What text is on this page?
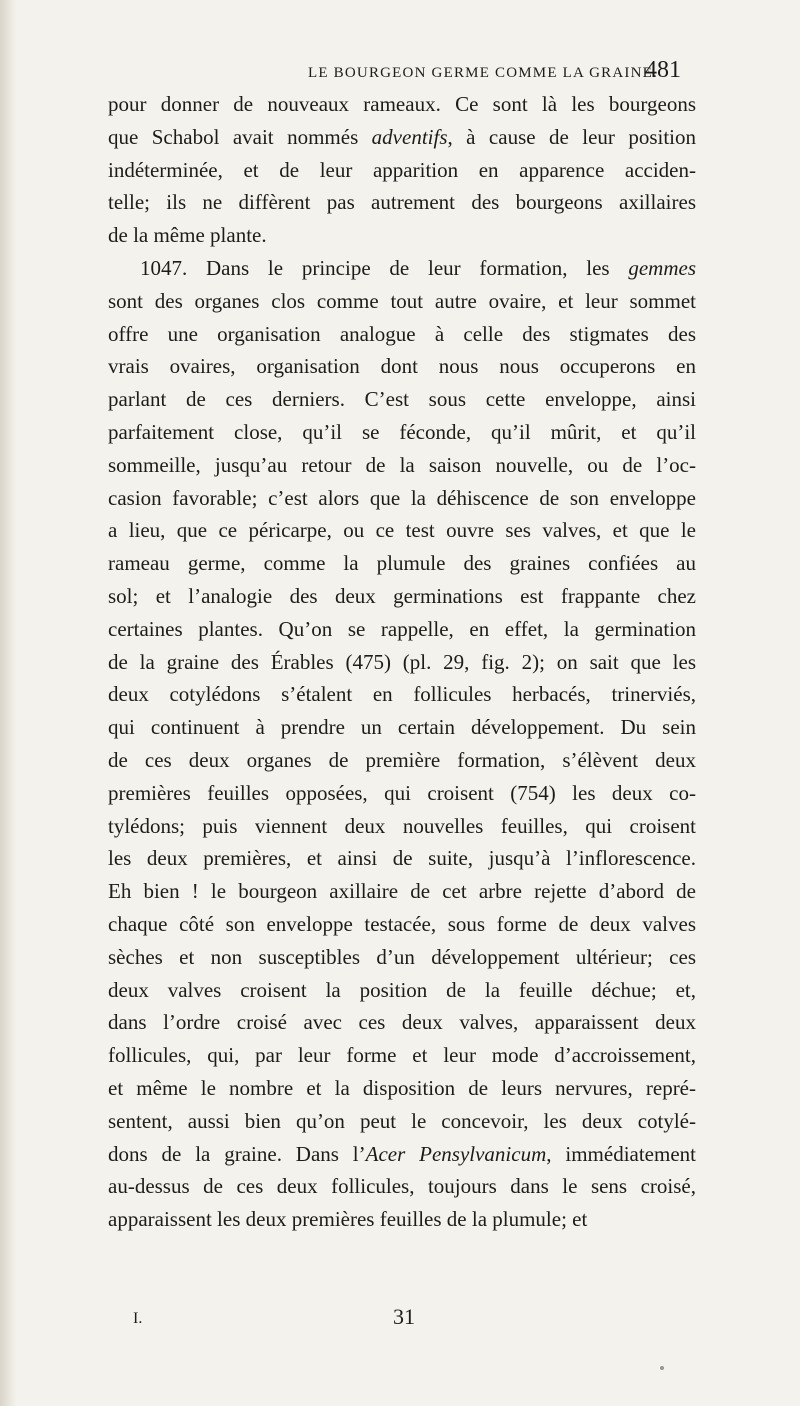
LE BOURGEON GERME COMME LA GRAINE.
481
pour donner de nouveaux rameaux. Ce sont là les bourgeons
que Schabol avait nommés adventifs, à cause de leur position
indéterminée, et de leur apparition en apparence acciden-
telle; ils ne diffèrent pas autrement des bourgeons axillaires
de la même plante.
1047. Dans le principe de leur formation, les gemmes
sont des organes clos comme tout autre ovaire, et leur sommet
offre une organisation analogue à celle des stigmates des
vrais ovaires, organisation dont nous nous occuperons en
parlant de ces derniers. C’est sous cette enveloppe, ainsi
parfaitement close, qu’il se féconde, qu’il mûrit, et qu’il
sommeille, jusqu’au retour de la saison nouvelle, ou de l’oc-
casion favorable; c’est alors que la déhiscence de son enveloppe
a lieu, que ce péricarpe, ou ce test ouvre ses valves, et que le
rameau germe, comme la plumule des graines confiées au
sol; et l’analogie des deux germinations est frappante chez
certaines plantes. Qu’on se rappelle, en effet, la germination
de la graine des Érables (475) (pl. 29, fig. 2); on sait que les
deux cotylédons s’étalent en follicules herbacés, trinerviés,
qui continuent à prendre un certain développement. Du sein
de ces deux organes de première formation, s’élèvent deux
premières feuilles opposées, qui croisent (754) les deux co-
tylédons; puis viennent deux nouvelles feuilles, qui croisent
les deux premières, et ainsi de suite, jusqu’à l’inflorescence.
Eh bien ! le bourgeon axillaire de cet arbre rejette d’abord de
chaque côté son enveloppe testacée, sous forme de deux valves
sèches et non susceptibles d’un développement ultérieur; ces
deux valves croisent la position de la feuille déchue; et,
dans l’ordre croisé avec ces deux valves, apparaissent deux
follicules, qui, par leur forme et leur mode d’accroissement,
et même le nombre et la disposition de leurs nervures, repré-
sentent, aussi bien qu’on peut le concevoir, les deux cotylé-
dons de la graine. Dans l’Acer Pensylvanicum, immédiatement
au-dessus de ces deux follicules, toujours dans le sens croisé,
apparaissent les deux premières feuilles de la plumule; et
I.	31
